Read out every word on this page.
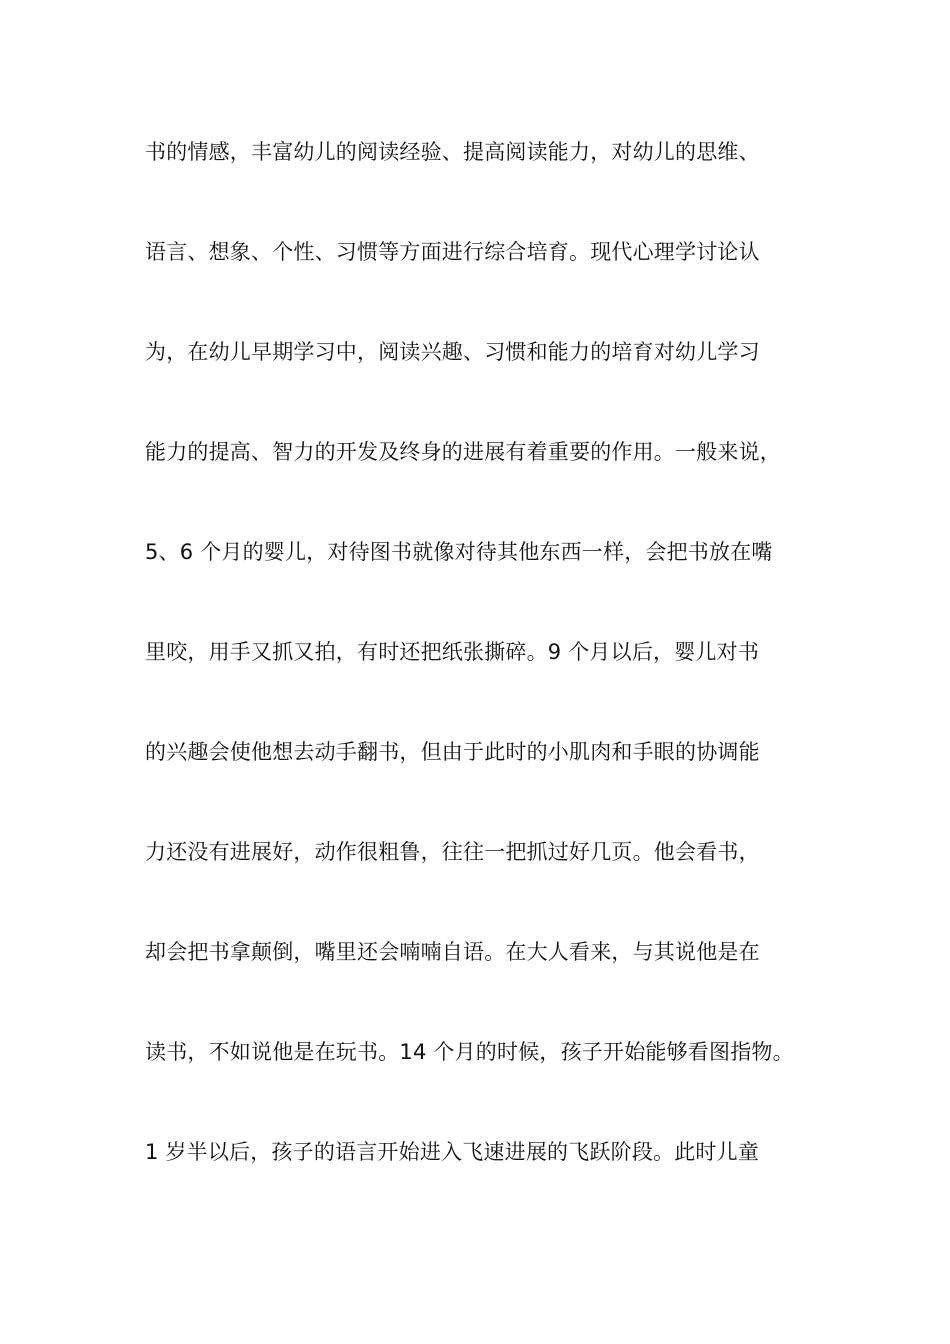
书的情感，丰富幼儿的阅读经验、提高阅读能力，对幼儿的思维、
语言、想象、个性、习惯等方面进行综合培育。现代心理学讨论认
为，在幼儿早期学习中，阅读兴趣、习惯和能力的培育对幼儿学习
能力的提高、智力的开发及终身的进展有着重要的作用。一般来说，
5、6 个月的婴儿，对待图书就像对待其他东西一样，会把书放在嘴
里咬，用手又抓又拍，有时还把纸张撕碎。9 个月以后，婴儿对书
的兴趣会使他想去动手翻书，但由于此时的小肌肉和手眼的协调能
力还没有进展好，动作很粗鲁，往往一把抓过好几页。他会看书，
却会把书拿颠倒，嘴里还会喃喃自语。在大人看来，与其说他是在
读书，不如说他是在玩书。14 个月的时候，孩子开始能够看图指物。
1 岁半以后，孩子的语言开始进入飞速进展的飞跃阶段。此时儿童
